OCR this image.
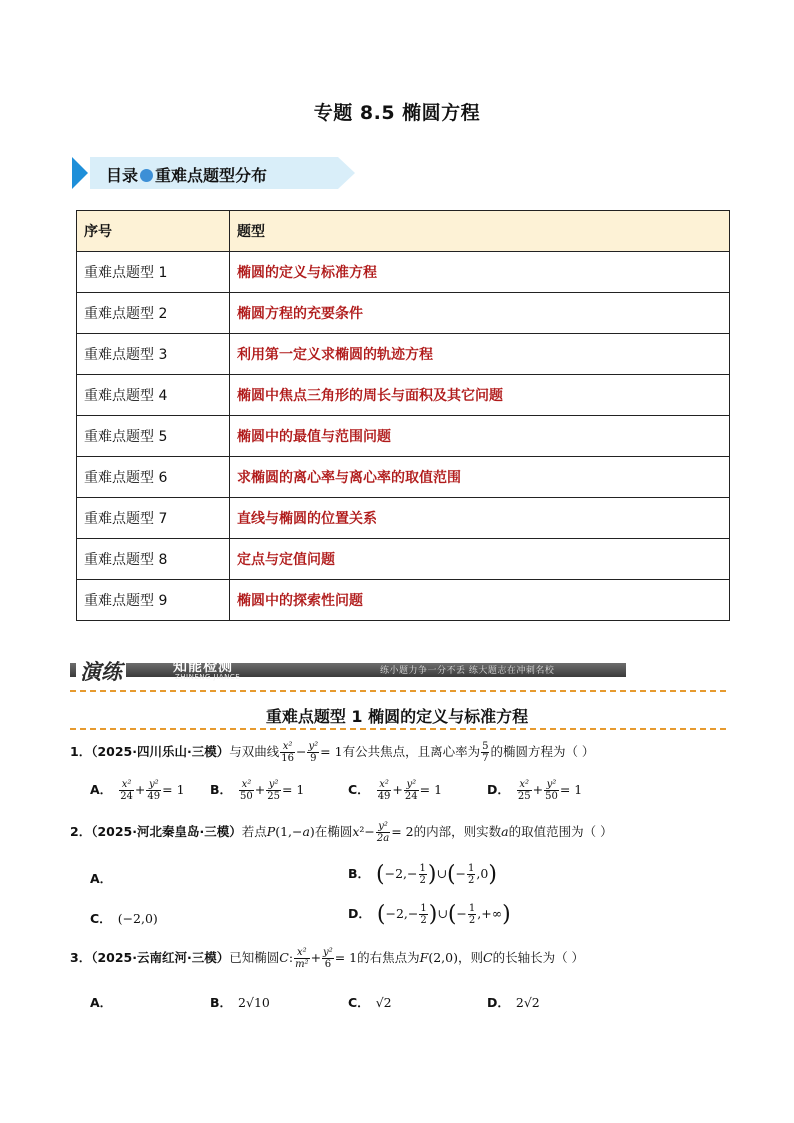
专题 8.5 椭圆方程
目录 重难点题型分布
序号	题型
重难点题型 1	椭圆的定义与标准方程
重难点题型 2	椭圆方程的充要条件
重难点题型 3	利用第一定义求椭圆的轨迹方程
重难点题型 4	椭圆中焦点三角形的周长与面积及其它问题
重难点题型 5	椭圆中的最值与范围问题
重难点题型 6	求椭圆的离心率与离心率的取值范围
重难点题型 7	直线与椭圆的位置关系
重难点题型 8	定点与定值问题
重难点题型 9	椭圆中的探索性问题
演练	知能检测
ZHINENG JIANCE
练小题力争一分不丢 练大题志在冲刺名校
重难点题型 1 椭圆的定义与标准方程
1．（2025·四川乐山·三模）与双曲线 $\frac{\text{x²}}{16} - \frac{\text{y²}}{9} = 1$有公共焦点，且离心率为 $\frac{5}{7}$ 的椭圆方程为（ ）
A． $\frac{\text{x²}}{24} + \frac{\text{y²}}{49} = 1$ B． $\frac{\text{x²}}{50} + \frac{\text{y²}}{25} = 1$	C． $\frac{\text{x²}}{49} + \frac{\text{y²}}{24} = 1$	D． $\frac{\text{x²}}{25} + \frac{\text{y²}}{50} = 1$
2．（2025·河北秦皇岛·三模）若点P(1,−a)在椭圆$x^2- \frac{\text{y²}}{2a} = 2$的内部，则实数a的取值范围为（ ）
A．	B． ($-2,- \frac{1}{2}$ )∪(− $\frac{1}{2} ,0$)
C． (−2,0)	D． ($-2,- \frac{1}{2}$ )∪(− $\frac{1}{2}$ ,+∞)
3．（2025·云南红河·三模）已知椭圆C: $\frac{\text{x²}}{\text{m²}} + \frac{\text{y²}}{6} = 1$的右焦点为F(2,0)，则C的长轴长为（ ）
A．	B． 2√10	C． √2	D． 2√2
